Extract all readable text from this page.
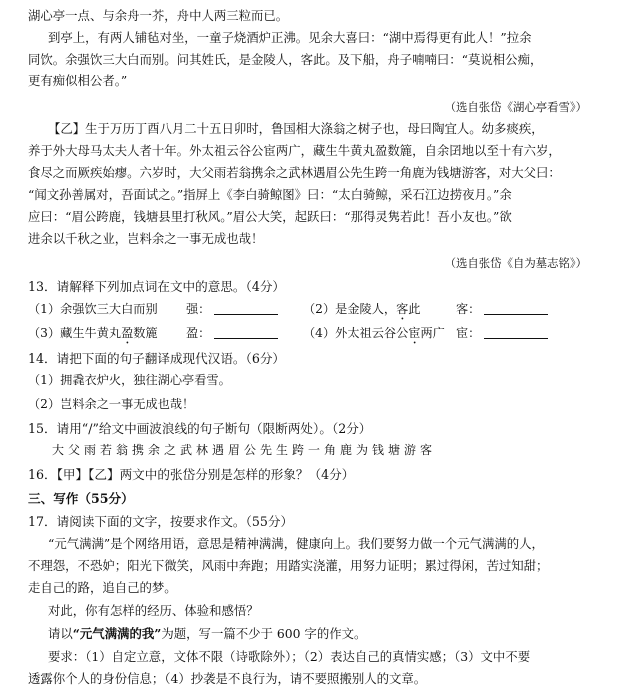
湖心亭一点、与余舟一芥，舟中人两三粒而已。
到亭上，有两人铺毡对坐，一童子烧酒炉正沸。见余大喜曰：“湖中焉得更有此人！”拉余
同饮。余强饮三大白而别。问其姓氏，是金陵人，客此。及下船，舟子喃喃曰：“莫说相公痴，
更有痴似相公者。”
（选自张岱《湖心亭看雪》）
【乙】生于万历丁酉八月二十五日卯时，鲁国相大涤翁之树子也，母曰陶宜人。幼多痰疾，
养于外大母马太夫人者十年。外太祖云谷公宦两广，藏生牛黄丸盈数簏，自余囝地以至十有六岁，
食尽之而厥疾始瘳。六岁时，大父雨若翁携余之武林遇眉公先生跨一角鹿为钱塘游客，对大父曰：
“闻文孙善属对，吾面试之。”指屏上《李白骑鲸图》曰：“太白骑鲸，采石江边捞夜月。”余
应曰：“眉公跨鹿，钱塘县里打秋风。”眉公大笑，起跃曰：“那得灵隽若此！吾小友也。”欲
进余以千秋之业，岂料余之一事无成也哉！
（选自张岱《自为墓志铭》）
13．请解释下列加点词在文中的意思。（4分）
（1）余强饮三大白而别 强：	（2）是金陵人，客此	客：
（3）藏生牛黄丸盈数簏 盈：	（4）外太祖云谷公宦两广 宦：
14．请把下面的句子翻译成现代汉语。（6分）
（1）拥毳衣炉火，独往湖心亭看雪。
（2）岂料余之一事无成也哉！
15．请用“/”给文中画波浪线的句子断句（限断两处）。（2分）
大父雨若翁携余之武林遇眉公先生跨一角鹿为钱塘游客
16．【甲】【乙】两文中的张岱分别是怎样的形象？（4分）
三、写作（55分）
17．请阅读下面的文字，按要求作文。（55分）
“元气满满”是个网络用语，意思是精神满满，健康向上。我们要努力做一个元气满满的人，
不理怨，不恐妒；阳光下微笑，风雨中奔跑；用踏实浇灌，用努力证明；累过得闲，苦过知甜；
走自己的路，追自己的梦。
对此，你有怎样的经历、体验和感悟？
请以“元气满满的我”为题，写一篇不少于 600 字的作文。
要求：（1）自定立意，文体不限（诗歌除外）；（2）表达自己的真情实感；（3）文中不要
透露你个人的身份信息；（4）抄袭是不良行为，请不要照搬别人的文章。
